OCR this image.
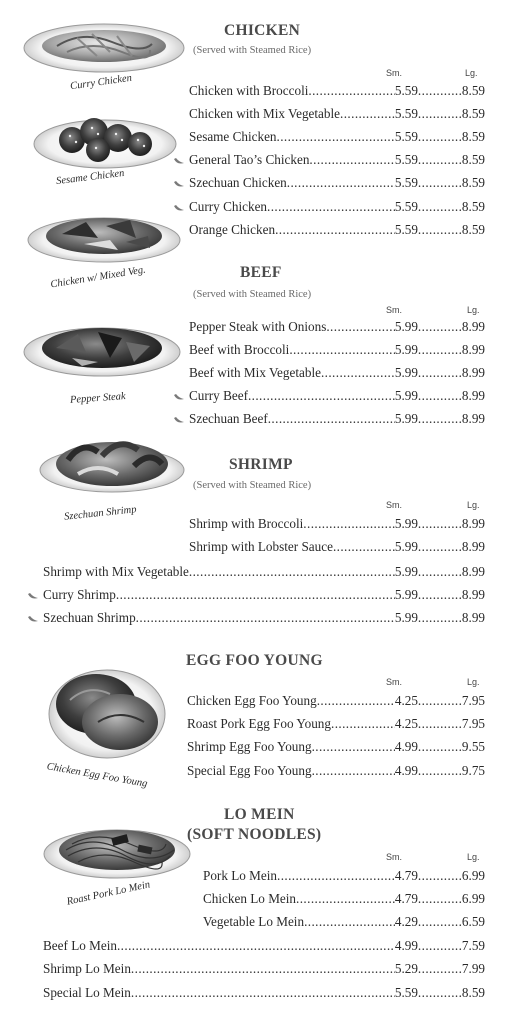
Curry Chicken
Sesame Chicken
Chicken w/ Mixed Veg.
Pepper Steak
Szechuan Shrimp
Chicken Egg Foo Young
Roast Pork Lo Mein
CHICKEN
(Served with Steamed Rice)
Sm.	Lg.
BEEF
(Served with Steamed Rice)
Sm.	Lg.
SHRIMP
(Served with Steamed Rice)
Sm.	Lg.
EGG FOO YOUNG
Sm.	Lg.
LO MEIN
(SOFT NOODLES)
Sm.	Lg.
Chicken with Broccoli .....	5.59 .....	8.59
Chicken with Mix Vegetable .....	5.59 .....	8.59
Sesame Chicken .....	5.59 .....	8.59
General Tao’s Chicken .....	5.59 .....	8.59
Szechuan Chicken .....	5.59 .....	8.59
Curry Chicken .....	5.59 .....	8.59
Orange Chicken .....	5.59 .....	8.59
Pepper Steak with Onions .....	5.99 .....	8.99
Beef with Broccoli .....	5.99 .....	8.99
Beef with Mix Vegetable .....	5.99 .....	8.99
Curry Beef .....	5.99 .....	8.99
Szechuan Beef .....	5.99 .....	8.99
Shrimp with Broccoli .....	5.99 .....	8.99
Shrimp with Lobster Sauce .....	5.99 .....	8.99
Shrimp with Mix Vegetable .....	5.99 .....	8.99
Curry Shrimp .....	5.99 .....	8.99
Szechuan Shrimp .....	5.99 .....	8.99
Chicken Egg Foo Young .....	4.25 .....	7.95
Roast Pork Egg Foo Young .....	4.25 .....	7.95
Shrimp Egg Foo Young .....	4.99 .....	9.55
Special Egg Foo Young .....	4.99 .....	9.75
Pork Lo Mein .....	4.79 .....	6.99
Chicken Lo Mein .....	4.79 .....	6.99
Vegetable Lo Mein .....	4.29 .....	6.59
Beef Lo Mein .....	4.99 .....	7.59
Shrimp Lo Mein .....	5.29 .....	7.99
Special Lo Mein .....	5.59 .....	8.59
